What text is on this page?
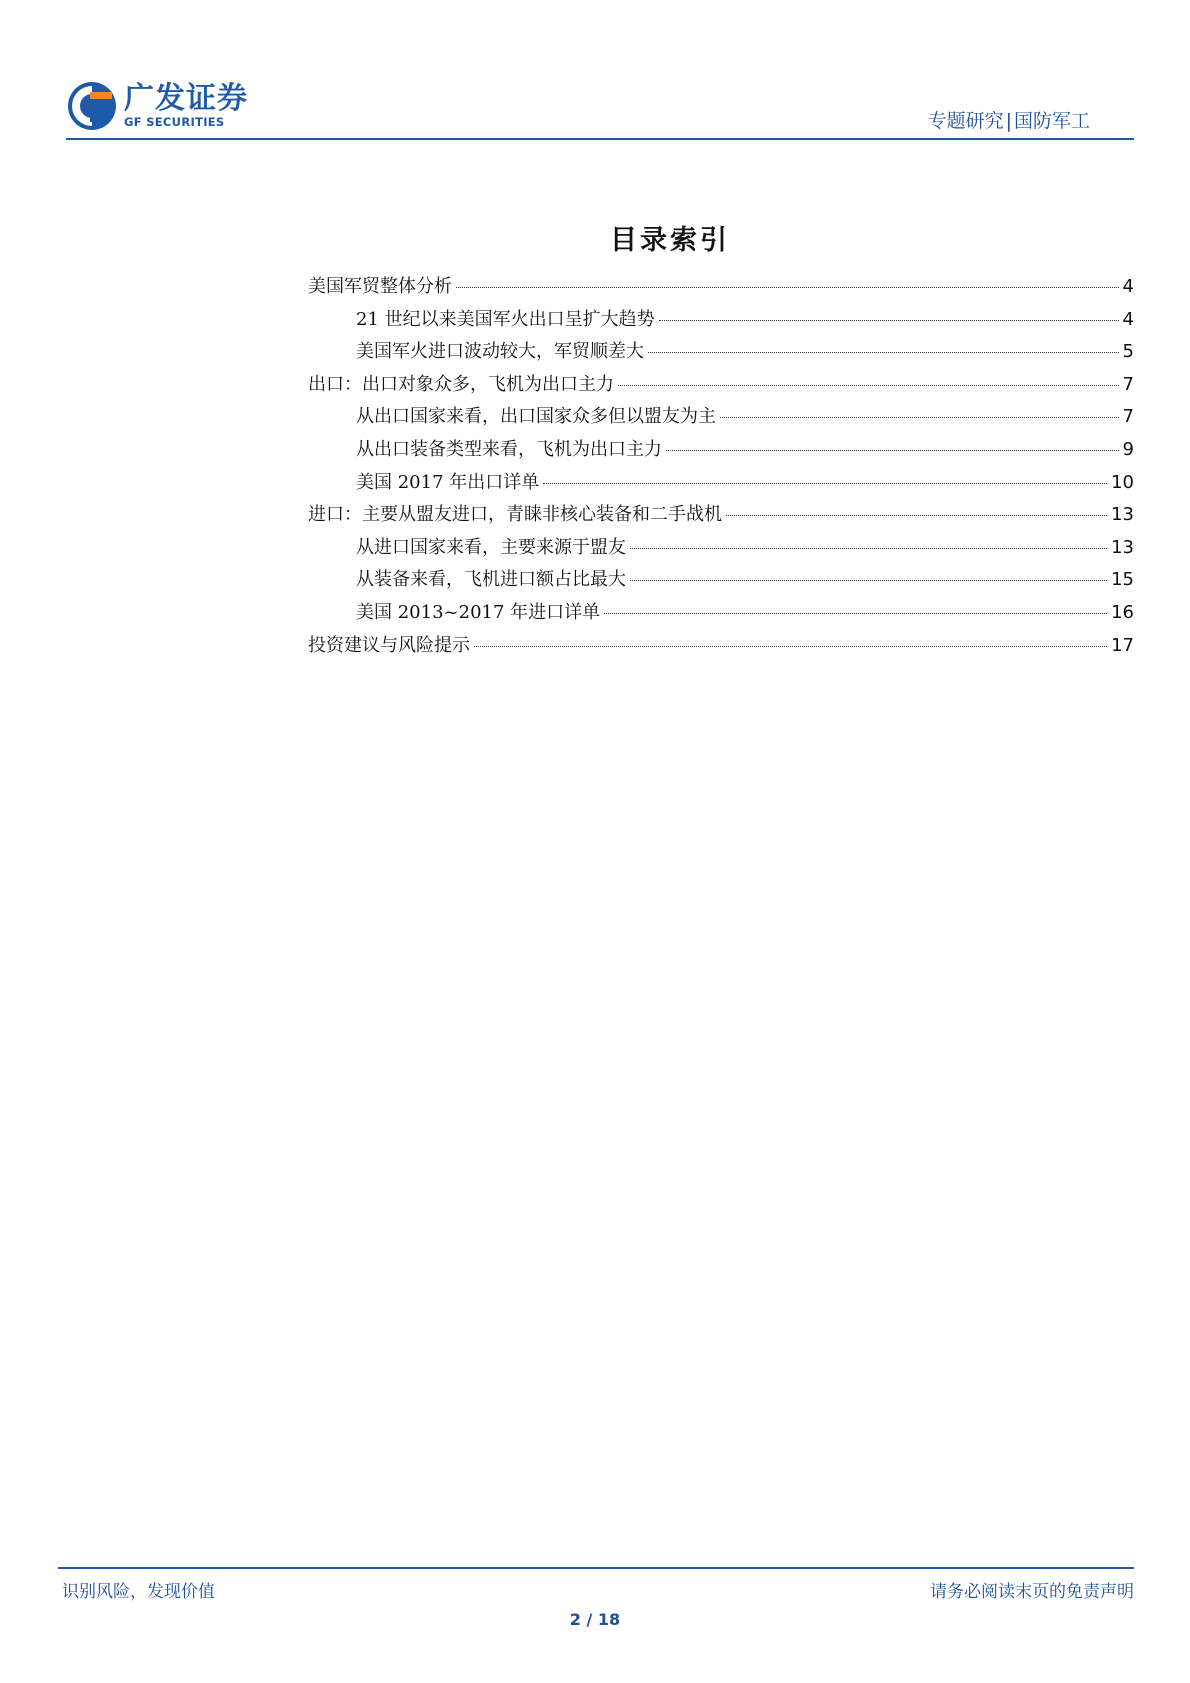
广发证券
GF SECURITIES	专题研究 | 国防军工
目录索引
美国军贸整体分析	4
21 世纪以来美国军火出口呈扩大趋势	4
美国军火进口波动较大，军贸顺差大	5
出口：出口对象众多，飞机为出口主力	7
从出口国家来看，出口国家众多但以盟友为主	7
从出口装备类型来看，飞机为出口主力	9
美国 2017 年出口详单	10
进口：主要从盟友进口，青睐非核心装备和二手战机	13
从进口国家来看，主要来源于盟友	13
从装备来看，飞机进口额占比最大	15
美国 2013~2017 年进口详单	16
投资建议与风险提示	17
识别风险，发现价值	请务必阅读末页的免责声明
2 / 18
